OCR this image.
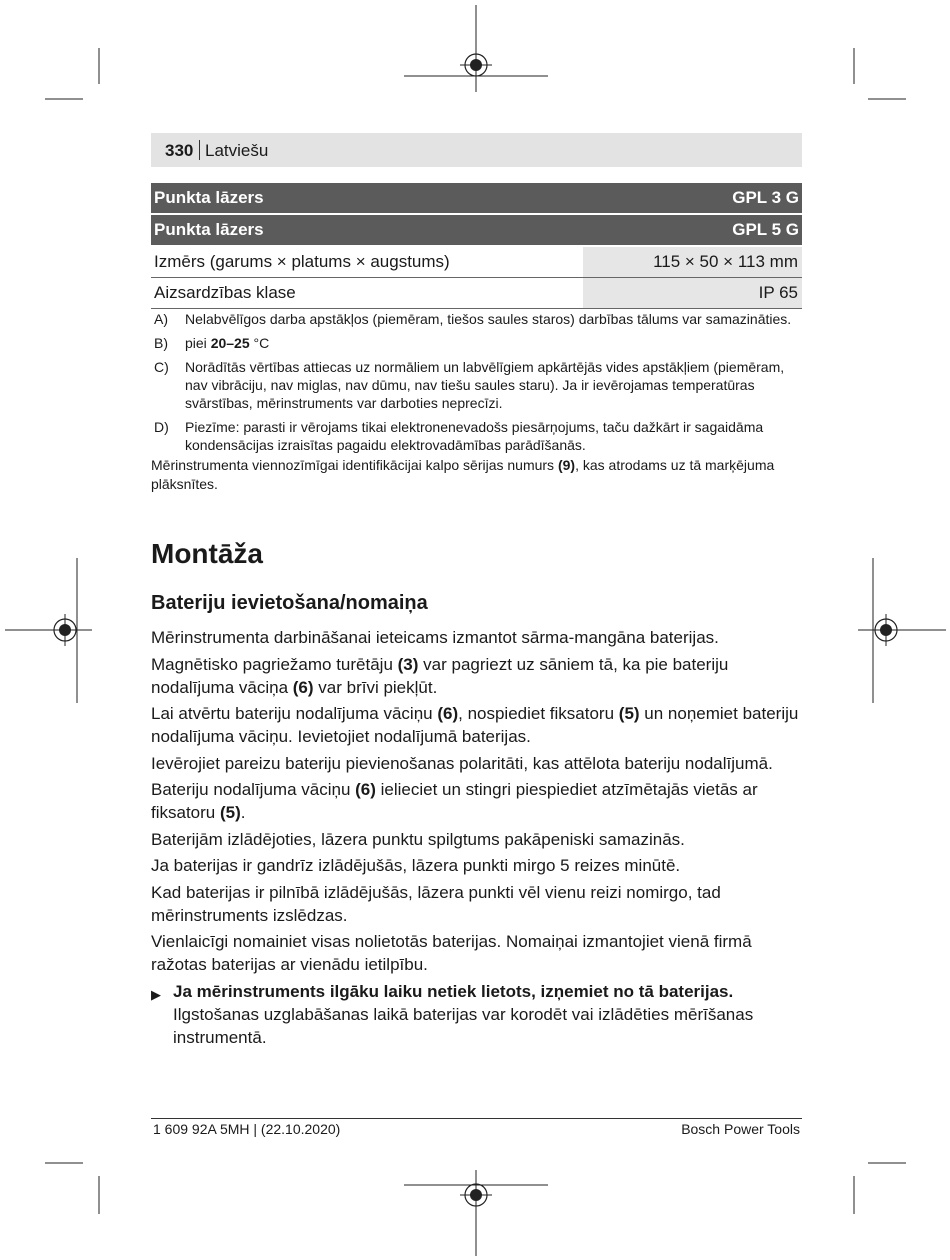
330 Latviešu
Punkta lāzers	GPL 3 G
Punkta lāzers	GPL 5 G
Izmērs (garums × platums × augstums)	115 × 50 × 113 mm
Aizsardzības klase	IP 65
A)	Nelabvēlīgos darba apstākļos (piemēram, tiešos saules staros) darbības tālums var samazināties.
B)	piei 20–25 °C
C)	Norādītās vērtības attiecas uz normāliem un labvēlīgiem apkārtējās vides apstākļiem (piemēram, nav vibrāciju, nav miglas, nav dūmu, nav tiešu saules staru). Ja ir ievērojamas temperatūras svārstības, mērinstruments var darboties neprecīzi.
D)	Piezīme: parasti ir vērojams tikai elektronenevadošs piesārņojums, taču dažkārt ir sagaidāma kondensācijas izraisītas pagaidu elektrovadāmības parādīšanās.
Mērinstrumenta viennozīmīgai identifikācijai kalpo sērijas numurs (9), kas atrodams uz tā marķējuma plāksnītes.
Montāža
Bateriju ievietošana/nomaiņa

Mērinstrumenta darbināšanai ieteicams izmantot sārma-mangāna baterijas.

Magnētisko pagriežamo turētāju (3) var pagriezt uz sāniem tā, ka pie bateriju nodalījuma vāciņa (6) var brīvi piekļūt.

Lai atvērtu bateriju nodalījuma vāciņu (6), nospiediet fiksatoru (5) un noņemiet bateriju nodalījuma vāciņu. Ievietojiet nodalījumā baterijas.

Ievērojiet pareizu bateriju pievienošanas polaritāti, kas attēlota bateriju nodalījumā.

Bateriju nodalījuma vāciņu (6) ielieciet un stingri piespiediet atzīmētajās vietās ar fiksatoru (5).

Baterijām izlādējoties, lāzera punktu spilgtums pakāpeniski samazinās.

Ja baterijas ir gandrīz izlādējušās, lāzera punkti mirgo 5 reizes minūtē.

Kad baterijas ir pilnībā izlādējušās, lāzera punkti vēl vienu reizi nomirgo, tad mērinstruments izslēdzas.

Vienlaicīgi nomainiet visas nolietotās baterijas. Nomaiņai izmantojiet vienā firmā ražotas baterijas ar vienādu ietilpību.

▶ Ja mērinstruments ilgāku laiku netiek lietots, izņemiet no tā baterijas.
Ilgstošanas uzglabāšanas laikā baterijas var korodēt vai izlādēties mērīšanas instrumentā.
1 609 92A 5MH | (22.10.2020)	Bosch Power Tools
